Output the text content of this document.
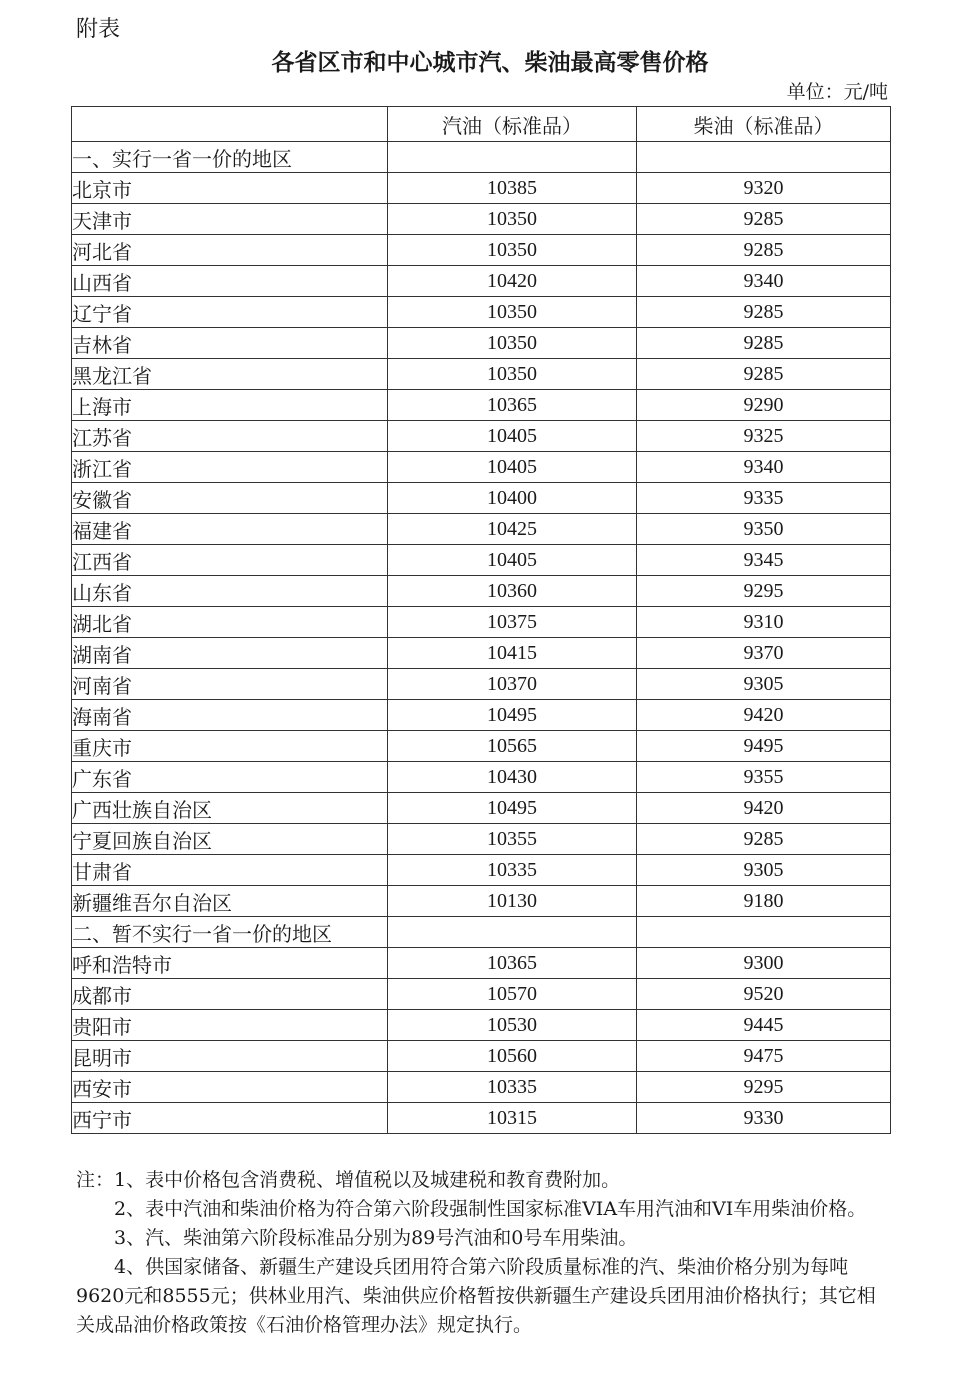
附表
各省区市和中心城市汽、柴油最高零售价格
单位：元/吨
	汽油（标准品）	柴油（标准品）
一、实行一省一价的地区		
北京市	10385	9320
天津市	10350	9285
河北省	10350	9285
山西省	10420	9340
辽宁省	10350	9285
吉林省	10350	9285
黑龙江省	10350	9285
上海市	10365	9290
江苏省	10405	9325
浙江省	10405	9340
安徽省	10400	9335
福建省	10425	9350
江西省	10405	9345
山东省	10360	9295
湖北省	10375	9310
湖南省	10415	9370
河南省	10370	9305
海南省	10495	9420
重庆市	10565	9495
广东省	10430	9355
广西壮族自治区	10495	9420
宁夏回族自治区	10355	9285
甘肃省	10335	9305
新疆维吾尔自治区	10130	9180
二、暂不实行一省一价的地区		
呼和浩特市	10365	9300
成都市	10570	9520
贵阳市	10530	9445
昆明市	10560	9475
西安市	10335	9295
西宁市	10315	9330

注：1、表中价格包含消费税、增值税以及城建税和教育费附加。

2、表中汽油和柴油价格为符合第六阶段强制性国家标准VIA车用汽油和VI车用柴油价格。

3、汽、柴油第六阶段标准品分别为89号汽油和0号车用柴油。

4、供国家储备、新疆生产建设兵团用符合第六阶段质量标准的汽、柴油价格分别为每吨9620元和8555元；供林业用汽、柴油供应价格暂按供新疆生产建设兵团用油价格执行；其它相关成品油价格政策按《石油价格管理办法》规定执行。
